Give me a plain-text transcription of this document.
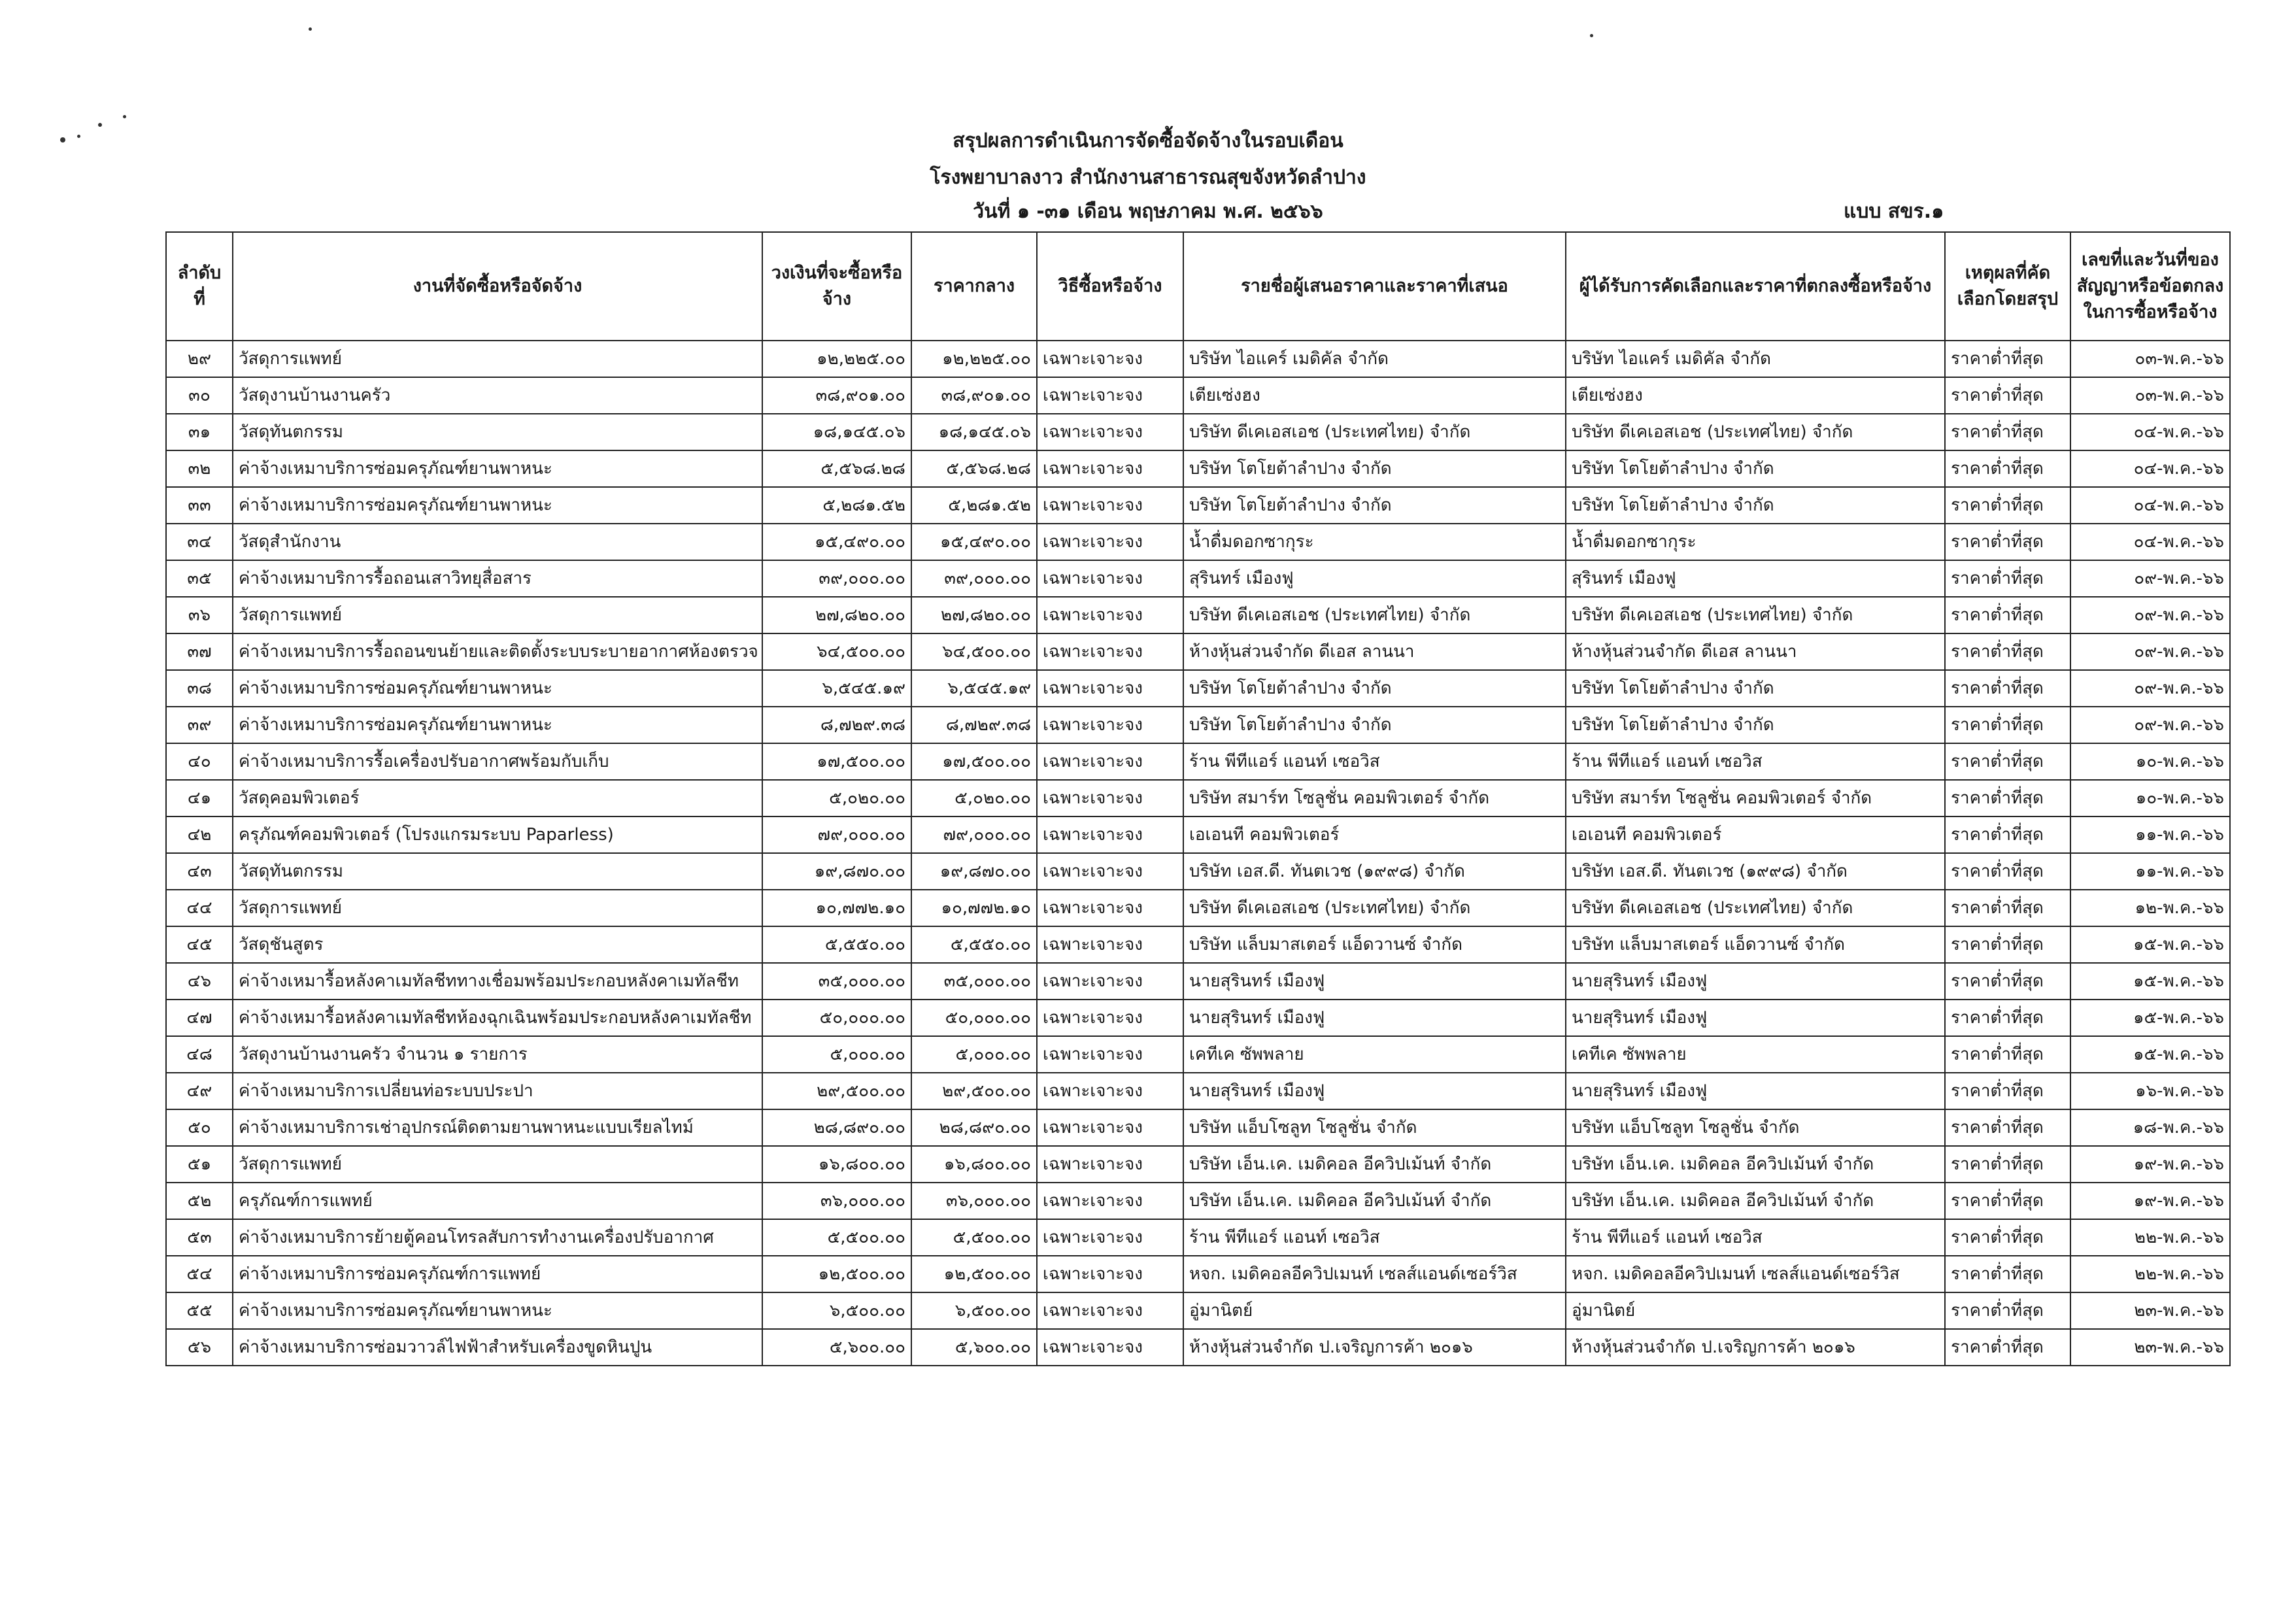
สรุปผลการดำเนินการจัดซื้อจัดจ้างในรอบเดือน
โรงพยาบาลงาว สำนักงานสาธารณสุขจังหวัดลำปาง
วันที่ ๑ -๓๑ เดือน พฤษภาคม พ.ศ. ๒๕๖๖	แบบ สขร.๑
ลำดับที่	งานที่จัดซื้อหรือจัดจ้าง	วงเงินที่จะซื้อหรือจ้าง	ราคากลาง	วิธีซื้อหรือจ้าง	รายชื่อผู้เสนอราคาและราคาที่เสนอ	ผู้ได้รับการคัดเลือกและราคาที่ตกลงซื้อหรือจ้าง	เหตุผลที่คัดเลือกโดยสรุป	เลขที่และวันที่ของสัญญาหรือข้อตกลงในการซื้อหรือจ้าง
๒๙	วัสดุการแพทย์	๑๒,๒๒๕.๐๐	๑๒,๒๒๕.๐๐	เฉพาะเจาะจง	บริษัท ไอแคร์ เมดิคัล จำกัด	บริษัท ไอแคร์ เมดิคัล จำกัด	ราคาต่ำที่สุด	๐๓-พ.ค.-๖๖
๓๐	วัสดุงานบ้านงานครัว	๓๘,๙๐๑.๐๐	๓๘,๙๐๑.๐๐	เฉพาะเจาะจง	เตียเซ่งฮง	เตียเซ่งฮง	ราคาต่ำที่สุด	๐๓-พ.ค.-๖๖
๓๑	วัสดุทันตกรรม	๑๘,๑๔๕.๐๖	๑๘,๑๔๕.๐๖	เฉพาะเจาะจง	บริษัท ดีเคเอสเอช (ประเทศไทย) จำกัด	บริษัท ดีเคเอสเอช (ประเทศไทย) จำกัด	ราคาต่ำที่สุด	๐๔-พ.ค.-๖๖
๓๒	ค่าจ้างเหมาบริการซ่อมครุภัณฑ์ยานพาหนะ	๕,๕๖๘.๒๘	๕,๕๖๘.๒๘	เฉพาะเจาะจง	บริษัท โตโยต้าลำปาง จำกัด	บริษัท โตโยต้าลำปาง จำกัด	ราคาต่ำที่สุด	๐๔-พ.ค.-๖๖
๓๓	ค่าจ้างเหมาบริการซ่อมครุภัณฑ์ยานพาหนะ	๕,๒๘๑.๕๒	๕,๒๘๑.๕๒	เฉพาะเจาะจง	บริษัท โตโยต้าลำปาง จำกัด	บริษัท โตโยต้าลำปาง จำกัด	ราคาต่ำที่สุด	๐๔-พ.ค.-๖๖
๓๔	วัสดุสำนักงาน	๑๕,๔๙๐.๐๐	๑๕,๔๙๐.๐๐	เฉพาะเจาะจง	น้ำดื่มดอกซากุระ	น้ำดื่มดอกซากุระ	ราคาต่ำที่สุด	๐๔-พ.ค.-๖๖
๓๕	ค่าจ้างเหมาบริการรื้อถอนเสาวิทยุสื่อสาร	๓๙,๐๐๐.๐๐	๓๙,๐๐๐.๐๐	เฉพาะเจาะจง	สุรินทร์ เมืองฟู	สุรินทร์ เมืองฟู	ราคาต่ำที่สุด	๐๙-พ.ค.-๖๖
๓๖	วัสดุการแพทย์	๒๗,๘๒๐.๐๐	๒๗,๘๒๐.๐๐	เฉพาะเจาะจง	บริษัท ดีเคเอสเอช (ประเทศไทย) จำกัด	บริษัท ดีเคเอสเอช (ประเทศไทย) จำกัด	ราคาต่ำที่สุด	๐๙-พ.ค.-๖๖
๓๗	ค่าจ้างเหมาบริการรื้อถอนขนย้ายและติดตั้งระบบระบายอากาศห้องตรวจ	๖๔,๕๐๐.๐๐	๖๔,๕๐๐.๐๐	เฉพาะเจาะจง	ห้างหุ้นส่วนจำกัด ดีเอส ลานนา	ห้างหุ้นส่วนจำกัด ดีเอส ลานนา	ราคาต่ำที่สุด	๐๙-พ.ค.-๖๖
๓๘	ค่าจ้างเหมาบริการซ่อมครุภัณฑ์ยานพาหนะ	๖,๕๔๕.๑๙	๖,๕๔๕.๑๙	เฉพาะเจาะจง	บริษัท โตโยต้าลำปาง จำกัด	บริษัท โตโยต้าลำปาง จำกัด	ราคาต่ำที่สุด	๐๙-พ.ค.-๖๖
๓๙	ค่าจ้างเหมาบริการซ่อมครุภัณฑ์ยานพาหนะ	๘,๗๒๙.๓๘	๘,๗๒๙.๓๘	เฉพาะเจาะจง	บริษัท โตโยต้าลำปาง จำกัด	บริษัท โตโยต้าลำปาง จำกัด	ราคาต่ำที่สุด	๐๙-พ.ค.-๖๖
๔๐	ค่าจ้างเหมาบริการรื้อเครื่องปรับอากาศพร้อมกับเก็บ	๑๗,๕๐๐.๐๐	๑๗,๕๐๐.๐๐	เฉพาะเจาะจง	ร้าน พีทีแอร์ แอนท์ เซอวิส	ร้าน พีทีแอร์ แอนท์ เซอวิส	ราคาต่ำที่สุด	๑๐-พ.ค.-๖๖
๔๑	วัสดุคอมพิวเตอร์	๕,๐๒๐.๐๐	๕,๐๒๐.๐๐	เฉพาะเจาะจง	บริษัท สมาร์ท โซลูชั่น คอมพิวเตอร์ จำกัด	บริษัท สมาร์ท โซลูชั่น คอมพิวเตอร์ จำกัด	ราคาต่ำที่สุด	๑๐-พ.ค.-๖๖
๔๒	ครุภัณฑ์คอมพิวเตอร์ (โปรงแกรมระบบ Paparless)	๗๙,๐๐๐.๐๐	๗๙,๐๐๐.๐๐	เฉพาะเจาะจง	เอเอนที คอมพิวเตอร์	เอเอนที คอมพิวเตอร์	ราคาต่ำที่สุด	๑๑-พ.ค.-๖๖
๔๓	วัสดุทันตกรรม	๑๙,๘๗๐.๐๐	๑๙,๘๗๐.๐๐	เฉพาะเจาะจง	บริษัท เอส.ดี. ทันตเวช (๑๙๙๘) จำกัด	บริษัท เอส.ดี. ทันตเวช (๑๙๙๘) จำกัด	ราคาต่ำที่สุด	๑๑-พ.ค.-๖๖
๔๔	วัสดุการแพทย์	๑๐,๗๗๒.๑๐	๑๐,๗๗๒.๑๐	เฉพาะเจาะจง	บริษัท ดีเคเอสเอช (ประเทศไทย) จำกัด	บริษัท ดีเคเอสเอช (ประเทศไทย) จำกัด	ราคาต่ำที่สุด	๑๒-พ.ค.-๖๖
๔๕	วัสดุชันสูตร	๕,๕๕๐.๐๐	๕,๕๕๐.๐๐	เฉพาะเจาะจง	บริษัท แล็บมาสเตอร์ แอ็ดวานซ์ จำกัด	บริษัท แล็บมาสเตอร์ แอ็ดวานซ์ จำกัด	ราคาต่ำที่สุด	๑๕-พ.ค.-๖๖
๔๖	ค่าจ้างเหมารื้อหลังคาเมทัลชีททางเชื่อมพร้อมประกอบหลังคาเมทัลชีท	๓๕,๐๐๐.๐๐	๓๕,๐๐๐.๐๐	เฉพาะเจาะจง	นายสุรินทร์ เมืองฟู	นายสุรินทร์ เมืองฟู	ราคาต่ำที่สุด	๑๕-พ.ค.-๖๖
๔๗	ค่าจ้างเหมารื้อหลังคาเมทัลชีทห้องฉุกเฉินพร้อมประกอบหลังคาเมทัลชีท	๕๐,๐๐๐.๐๐	๕๐,๐๐๐.๐๐	เฉพาะเจาะจง	นายสุรินทร์ เมืองฟู	นายสุรินทร์ เมืองฟู	ราคาต่ำที่สุด	๑๕-พ.ค.-๖๖
๔๘	วัสดุงานบ้านงานครัว จำนวน ๑ รายการ	๕,๐๐๐.๐๐	๕,๐๐๐.๐๐	เฉพาะเจาะจง	เคทีเค ซัพพลาย	เคทีเค ซัพพลาย	ราคาต่ำที่สุด	๑๕-พ.ค.-๖๖
๔๙	ค่าจ้างเหมาบริการเปลี่ยนท่อระบบประปา	๒๙,๕๐๐.๐๐	๒๙,๕๐๐.๐๐	เฉพาะเจาะจง	นายสุรินทร์ เมืองฟู	นายสุรินทร์ เมืองฟู	ราคาต่ำที่สุด	๑๖-พ.ค.-๖๖
๕๐	ค่าจ้างเหมาบริการเช่าอุปกรณ์ติดตามยานพาหนะแบบเรียลไทม์	๒๘,๘๙๐.๐๐	๒๘,๘๙๐.๐๐	เฉพาะเจาะจง	บริษัท แอ็บโซลูท โซลูชั่น จำกัด	บริษัท แอ็บโซลูท โซลูชั่น จำกัด	ราคาต่ำที่สุด	๑๘-พ.ค.-๖๖
๕๑	วัสดุการแพทย์	๑๖,๘๐๐.๐๐	๑๖,๘๐๐.๐๐	เฉพาะเจาะจง	บริษัท เอ็น.เค. เมดิคอล อีควิปเม้นท์ จำกัด	บริษัท เอ็น.เค. เมดิคอล อีควิปเม้นท์ จำกัด	ราคาต่ำที่สุด	๑๙-พ.ค.-๖๖
๕๒	ครุภัณฑ์การแพทย์	๓๖,๐๐๐.๐๐	๓๖,๐๐๐.๐๐	เฉพาะเจาะจง	บริษัท เอ็น.เค. เมดิคอล อีควิปเม้นท์ จำกัด	บริษัท เอ็น.เค. เมดิคอล อีควิปเม้นท์ จำกัด	ราคาต่ำที่สุด	๑๙-พ.ค.-๖๖
๕๓	ค่าจ้างเหมาบริการย้ายตู้คอนโทรลสับการทำงานเครื่องปรับอากาศ	๕,๕๐๐.๐๐	๕,๕๐๐.๐๐	เฉพาะเจาะจง	ร้าน พีทีแอร์ แอนท์ เซอวิส	ร้าน พีทีแอร์ แอนท์ เซอวิส	ราคาต่ำที่สุด	๒๒-พ.ค.-๖๖
๕๔	ค่าจ้างเหมาบริการซ่อมครุภัณฑ์การแพทย์	๑๒,๕๐๐.๐๐	๑๒,๕๐๐.๐๐	เฉพาะเจาะจง	หจก. เมดิคอลอีควิปเมนท์ เซลส์แอนด์เซอร์วิส	หจก. เมดิคอลอีควิปเมนท์ เซลส์แอนด์เซอร์วิส	ราคาต่ำที่สุด	๒๒-พ.ค.-๖๖
๕๕	ค่าจ้างเหมาบริการซ่อมครุภัณฑ์ยานพาหนะ	๖,๕๐๐.๐๐	๖,๕๐๐.๐๐	เฉพาะเจาะจง	อู่มานิตย์	อู่มานิตย์	ราคาต่ำที่สุด	๒๓-พ.ค.-๖๖
๕๖	ค่าจ้างเหมาบริการซ่อมวาวล์ไฟฟ้าสำหรับเครื่องขูดหินปูน	๕,๖๐๐.๐๐	๕,๖๐๐.๐๐	เฉพาะเจาะจง	ห้างหุ้นส่วนจำกัด ป.เจริญการค้า ๒๐๑๖	ห้างหุ้นส่วนจำกัด ป.เจริญการค้า ๒๐๑๖	ราคาต่ำที่สุด	๒๓-พ.ค.-๖๖
